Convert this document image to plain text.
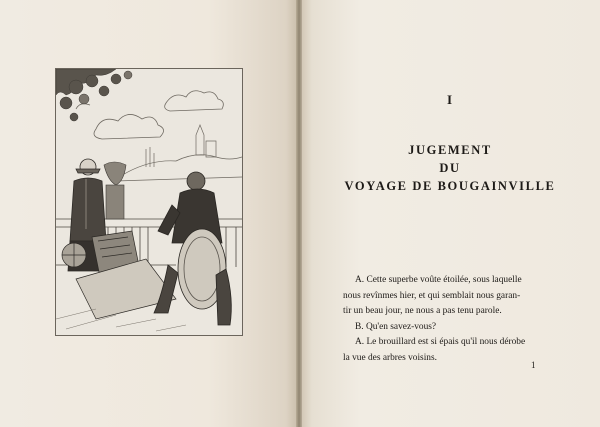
I
JUGEMENT
DU
VOYAGE DE BOUGAINVILLE

A. Cette superbe voûte étoilée, sous laquelle

nous revînmes hier, et qui semblait nous garan-

tir un beau jour, ne nous a pas tenu parole.

B. Qu'en savez-vous?

A. Le brouillard est si épais qu'il nous dérobe

la vue des arbres voisins.

1
